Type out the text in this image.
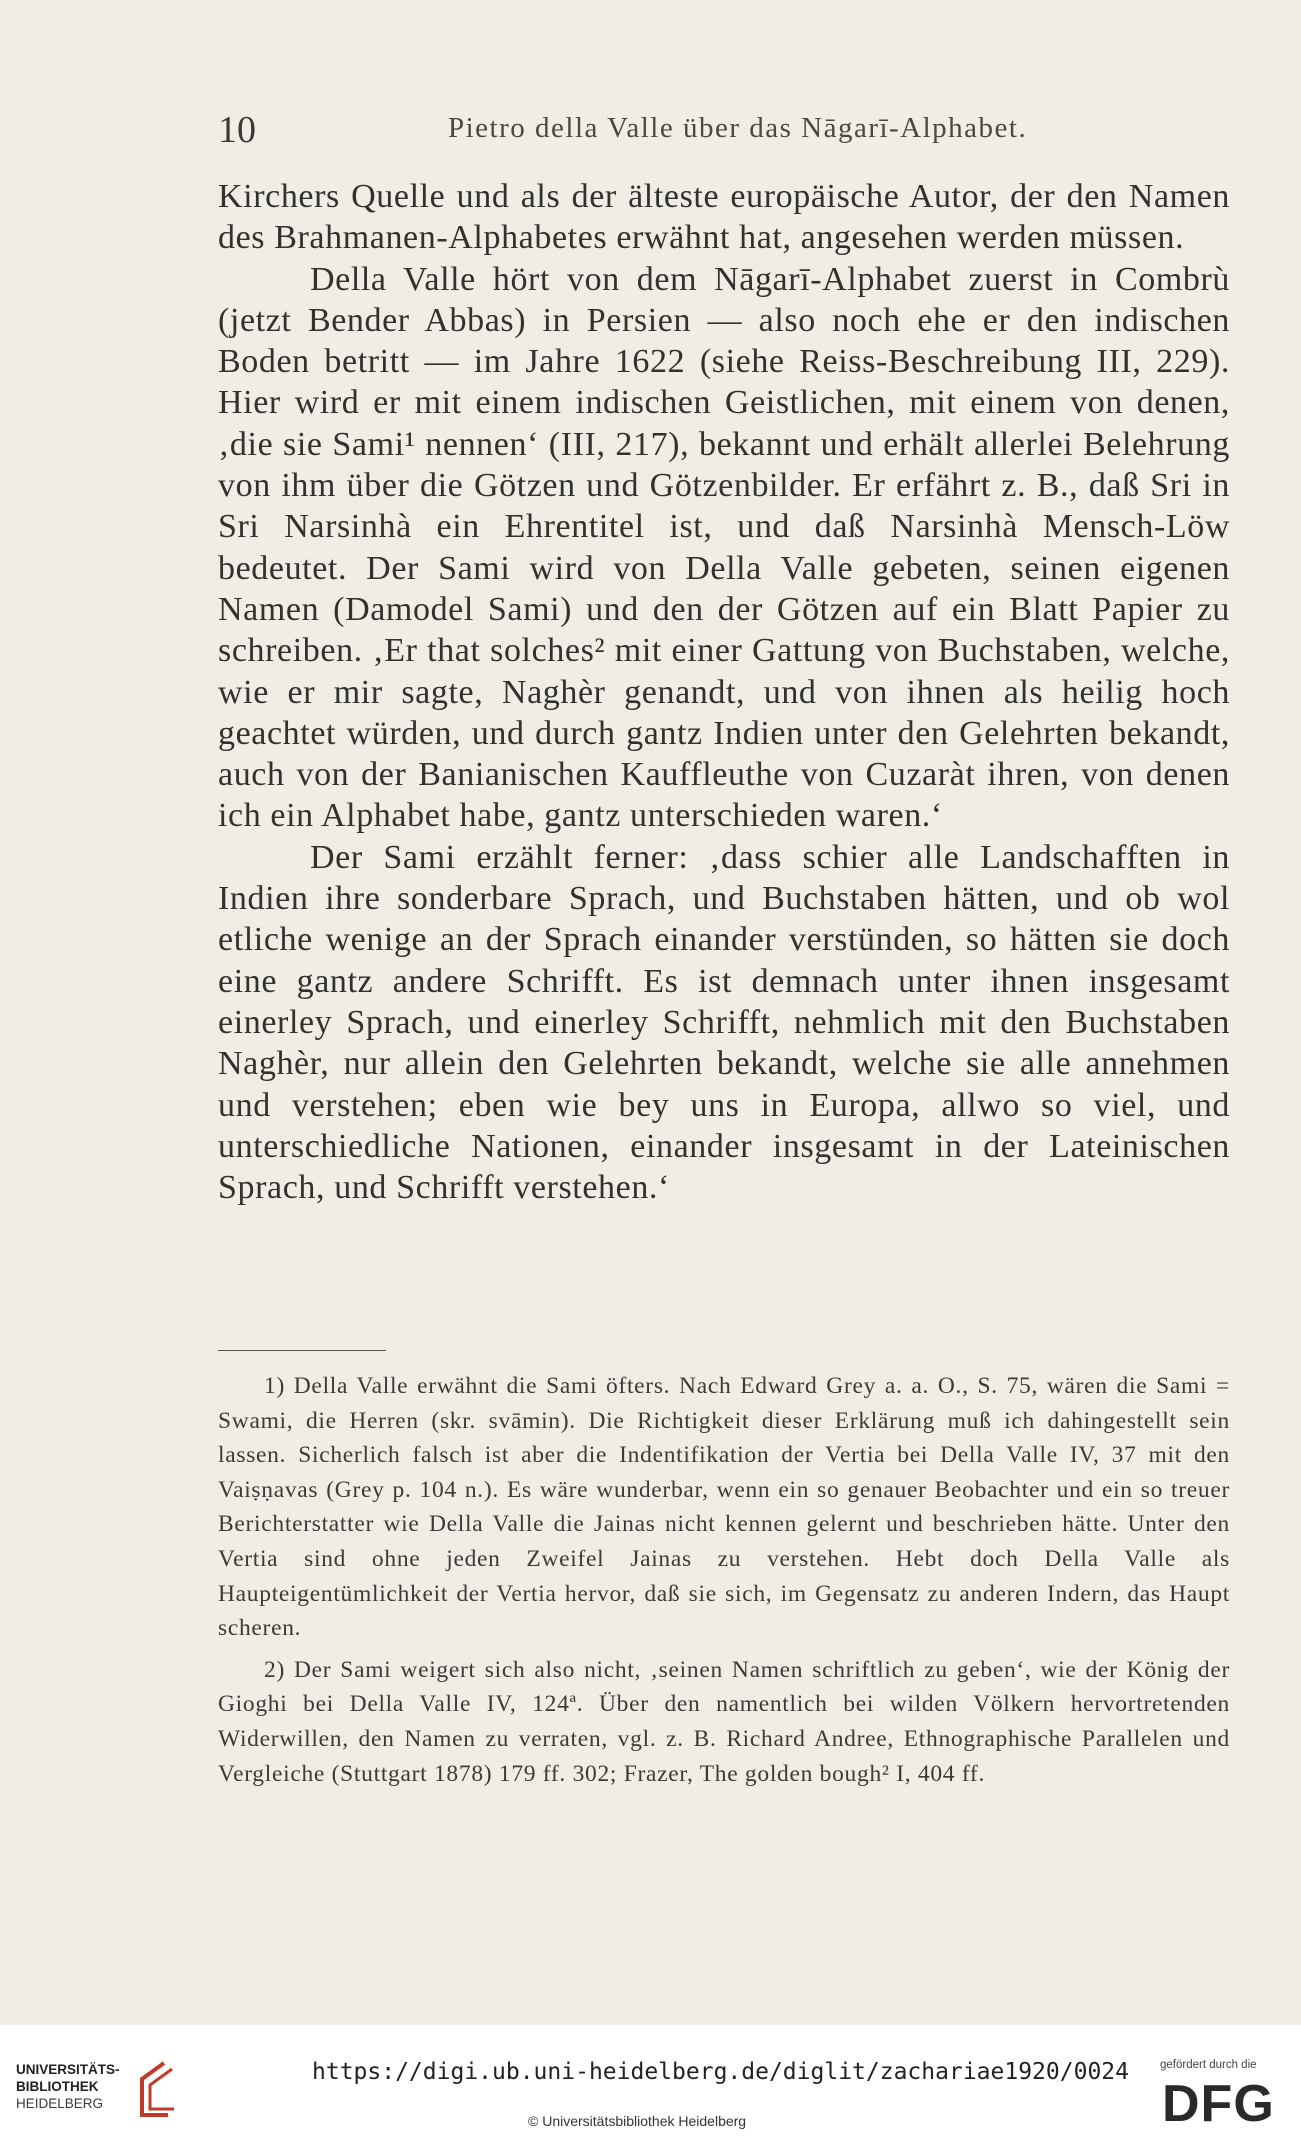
10	Pietro della Valle über das Nāgarī-Alphabet.

Kirchers Quelle und als der älteste europäische Autor, der den Namen des Brahmanen-Alphabetes erwähnt hat, angesehen werden müssen.

Della Valle hört von dem Nāgarī-Alphabet zuerst in Combrù (jetzt Bender Abbas) in Persien — also noch ehe er den indischen Boden betritt — im Jahre 1622 (siehe Reiss-Beschreibung III, 229). Hier wird er mit einem indischen Geistlichen, mit einem von denen, ‚die sie Sami¹ nennen‘ (III, 217), bekannt und erhält allerlei Belehrung von ihm über die Götzen und Götzenbilder. Er erfährt z. B., daß Sri in Sri Narsinhà ein Ehrentitel ist, und daß Narsinhà Mensch-Löw bedeutet. Der Sami wird von Della Valle gebeten, seinen eigenen Namen (Damodel Sami) und den der Götzen auf ein Blatt Papier zu schreiben. ‚Er that solches² mit einer Gattung von Buchstaben, welche, wie er mir sagte, Naghèr genandt, und von ihnen als heilig hoch geachtet würden, und durch gantz Indien unter den Gelehrten bekandt, auch von der Banianischen Kauffleuthe von Cuzaràt ihren, von denen ich ein Alphabet habe, gantz unterschieden waren.‘

Der Sami erzählt ferner: ‚dass schier alle Landschafften in Indien ihre sonderbare Sprach, und Buchstaben hätten, und ob wol etliche wenige an der Sprach einander verstünden, so hätten sie doch eine gantz andere Schrifft. Es ist demnach unter ihnen insgesamt einerley Sprach, und einerley Schrifft, nehmlich mit den Buchstaben Naghèr, nur allein den Gelehrten bekandt, welche sie alle annehmen und verstehen; eben wie bey uns in Europa, allwo so viel, und unterschiedliche Nationen, einander insgesamt in der Lateinischen Sprach, und Schrifft verstehen.‘

1) Della Valle erwähnt die Sami öfters. Nach Edward Grey a. a. O., S. 75, wären die Sami = Swami, die Herren (skr. svāmin). Die Richtigkeit dieser Erklärung muß ich dahingestellt sein lassen. Sicherlich falsch ist aber die Indentifikation der Vertia bei Della Valle IV, 37 mit den Vaiṣṇavas (Grey p. 104 n.). Es wäre wunderbar, wenn ein so genauer Beobachter und ein so treuer Berichterstatter wie Della Valle die Jainas nicht kennen gelernt und beschrieben hätte. Unter den Vertia sind ohne jeden Zweifel Jainas zu verstehen. Hebt doch Della Valle als Haupteigentümlichkeit der Vertia hervor, daß sie sich, im Gegensatz zu anderen Indern, das Haupt scheren.

2) Der Sami weigert sich also nicht, ‚seinen Namen schriftlich zu geben‘, wie der König der Gioghi bei Della Valle IV, 124ª. Über den namentlich bei wilden Völkern hervortretenden Widerwillen, den Namen zu verraten, vgl. z. B. Richard Andree, Ethnographische Parallelen und Vergleiche (Stuttgart 1878) 179 ff. 302; Frazer, The golden bough² I, 404 ff.

UNIVERSITÄTS-
BIBLIOTHEK
HEIDELBERG
https://digi.ub.uni-heidelberg.de/diglit/zachariae1920/0024
© Universitätsbibliothek Heidelberg
gefördert durch die
DFG
